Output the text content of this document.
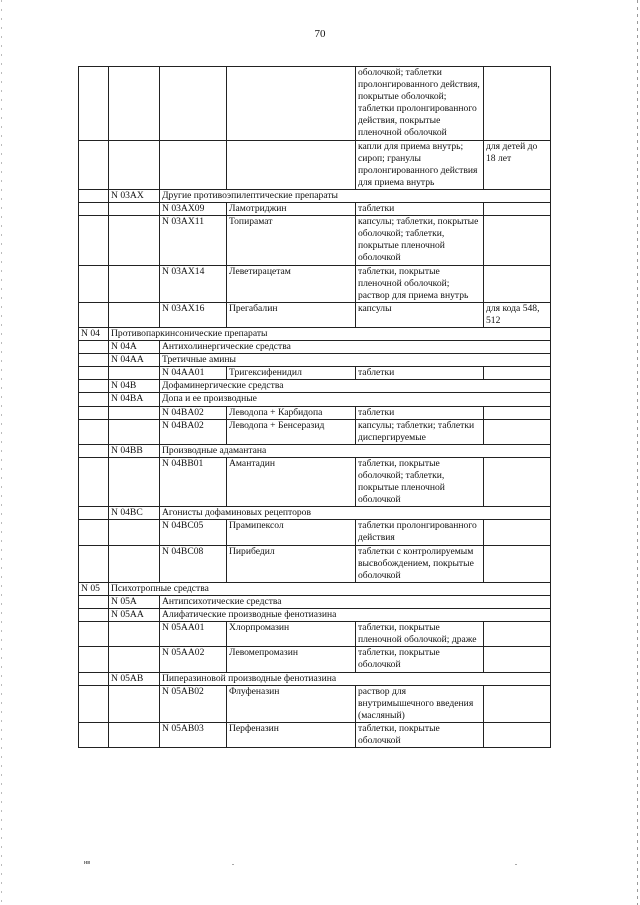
70
				оболочкой; таблетки пролонгированного действия, покрытые оболочкой; таблетки пролонгированного действия, покрытые пленочной оболочкой	
				капли для приема внутрь; сироп; гранулы пролонгированного действия для приема внутрь	для детей до 18 лет
	N 03AX	Другие противоэпилептические препараты			
		N 03AX09	Ламотриджин	таблетки	
		N 03AX11	Топирамат	капсулы; таблетки, покрытые оболочкой; таблетки, покрытые пленочной оболочкой	
		N 03AX14	Леветирацетам	таблетки, покрытые пленочной оболочкой; раствор для приема внутрь	
		N 03AX16	Прегабалин	капсулы	для кода 548, 512
N 04	Противопаркинсонические препараты				
	N 04A	Антихолинергические средства			
	N 04AA	Третичные амины			
		N 04AA01	Тригексифенидил	таблетки	
	N 04B	Дофаминергические средства			
	N 04BA	Допа и ее производные			
		N 04BA02	Леводопа + Карбидопа	таблетки	
		N 04BA02	Леводопа + Бенсеразид	капсулы; таблетки; таблетки диспергируемые	
	N 04BB	Производные адамантана			
		N 04BB01	Амантадин	таблетки, покрытые оболочкой; таблетки, покрытые пленочной оболочкой	
	N 04BC	Агонисты дофаминовых рецепторов			
		N 04BC05	Прамипексол	таблетки пролонгированного действия	
		N 04BC08	Пирибедил	таблетки с контролируемым высвобождением, покрытые оболочкой	
N 05	Психотропные средства				
	N 05A	Антипсихотические средства			
	N 05AA	Алифатические производные фенотиазина			
		N 05AA01	Хлорпромазин	таблетки, покрытые пленочной оболочкой; драже	
		N 05AA02	Левомепромазин	таблетки, покрытые оболочкой	
	N 05AB	Пиперазиновой производные фенотиазина			
		N 05AB02	Флуфеназин	раствор для внутримышечного введения (масляный)	
		N 05AB03	Перфеназин	таблетки, покрытые оболочкой	
нв	.	.
